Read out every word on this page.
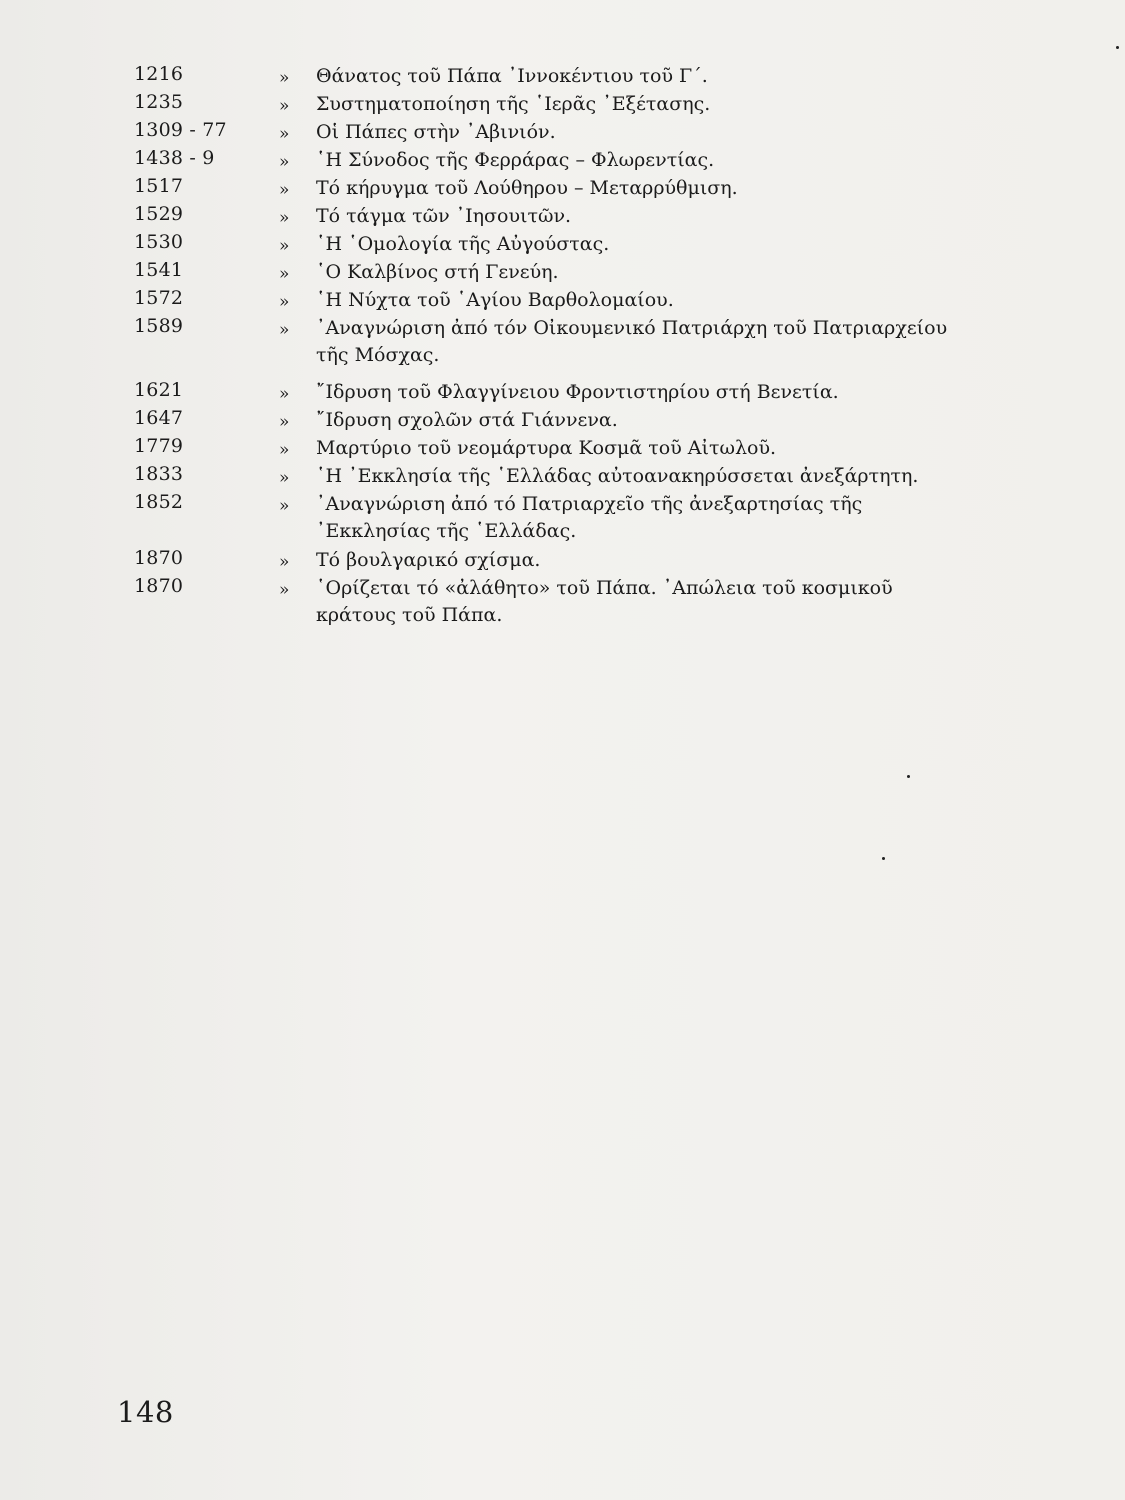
1216	» Θάνατος τοῦ Πάπα ᾿Ιννοκέντιου τοῦ Γ΄.
1235	» Συστηματοποίηση τῆς ῾Ιερᾶς ᾿Εξέτασης.
1309 - 77	» Οἱ Πάπες στὴν ᾿Αβινιόν.
1438 - 9	» ῾Η Σύνοδος τῆς Φερράρας – Φλωρεντίας.
1517	» Τό κήρυγμα τοῦ Λούθηρου – Μεταρρύθμιση.
1529	» Τό τάγμα τῶν ᾿Ιησουιτῶν.
1530	» ῾Η ῾Ομολογία τῆς Αὐγούστας.
1541	» ῾Ο Καλβίνος στή Γενεύη.
1572	» ῾Η Νύχτα τοῦ ῾Αγίου Βαρθολομαίου.
1589	» ᾿Αναγνώριση ἀπό τόν Οἰκουμενικό Πατριάρχη τοῦ Πατριαρχείου τῆς Μόσχας.
1621	» ῎Ιδρυση τοῦ Φλαγγίνειου Φροντιστηρίου στή Βενετία.
1647	» ῎Ιδρυση σχολῶν στά Γιάννενα.
1779	» Μαρτύριο τοῦ νεομάρτυρα Κοσμᾶ τοῦ Αἰτωλοῦ.
1833	» ῾Η ᾿Εκκλησία τῆς ῾Ελλάδας αὐτοανακηρύσσεται ἀνεξάρτητη.
1852	» ᾿Αναγνώριση ἀπό τό Πατριαρχεῖο τῆς ἀνεξαρτησίας τῆς ᾿Εκκλησίας τῆς ῾Ελλάδας.
1870	» Τό βουλγαρικό σχίσμα.
1870	» ῾Ορίζεται τό «ἀλάθητο» τοῦ Πάπα. ᾿Απώλεια τοῦ κοσμικοῦ κράτους τοῦ Πάπα.
148
